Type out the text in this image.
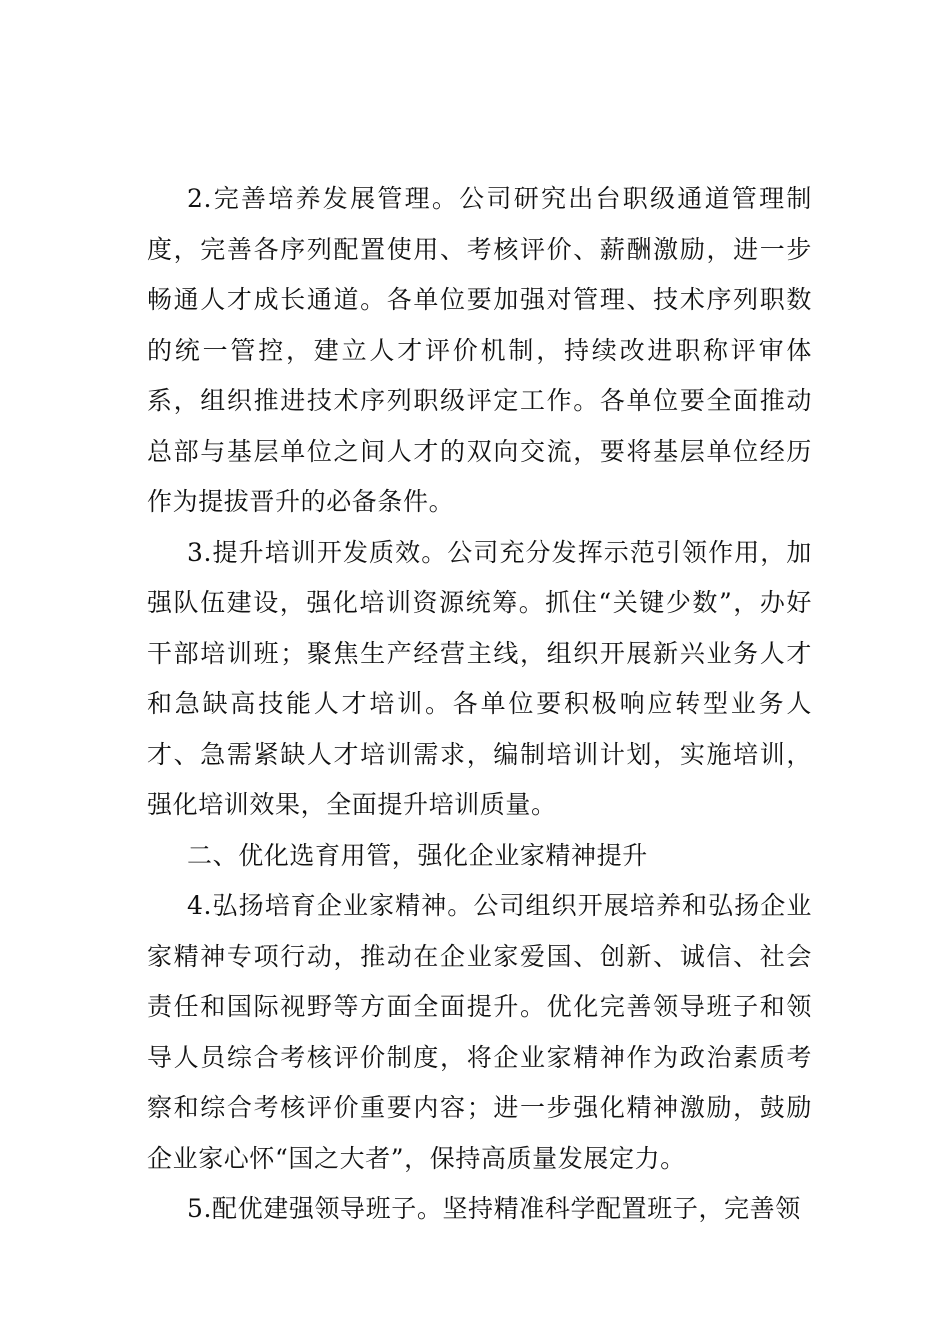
2.完善培养发展管理。公司研究出台职级通道管理制度，完善各序列配置使用、考核评价、薪酬激励，进一步畅通人才成长通道。各单位要加强对管理、技术序列职数的统一管控，建立人才评价机制，持续改进职称评审体系，组织推进技术序列职级评定工作。各单位要全面推动总部与基层单位之间人才的双向交流，要将基层单位经历作为提拔晋升的必备条件。

3.提升培训开发质效。公司充分发挥示范引领作用，加强队伍建设，强化培训资源统筹。抓住“关键少数”，办好干部培训班；聚焦生产经营主线，组织开展新兴业务人才和急缺高技能人才培训。各单位要积极响应转型业务人才、急需紧缺人才培训需求，编制培训计划，实施培训，强化培训效果，全面提升培训质量。

二、优化选育用管，强化企业家精神提升

4.弘扬培育企业家精神。公司组织开展培养和弘扬企业家精神专项行动，推动在企业家爱国、创新、诚信、社会责任和国际视野等方面全面提升。优化完善领导班子和领导人员综合考核评价制度，将企业家精神作为政治素质考察和综合考核评价重要内容；进一步强化精神激励，鼓励企业家心怀“国之大者”，保持高质量发展定力。

5.配优建强领导班子。坚持精准科学配置班子，完善领
